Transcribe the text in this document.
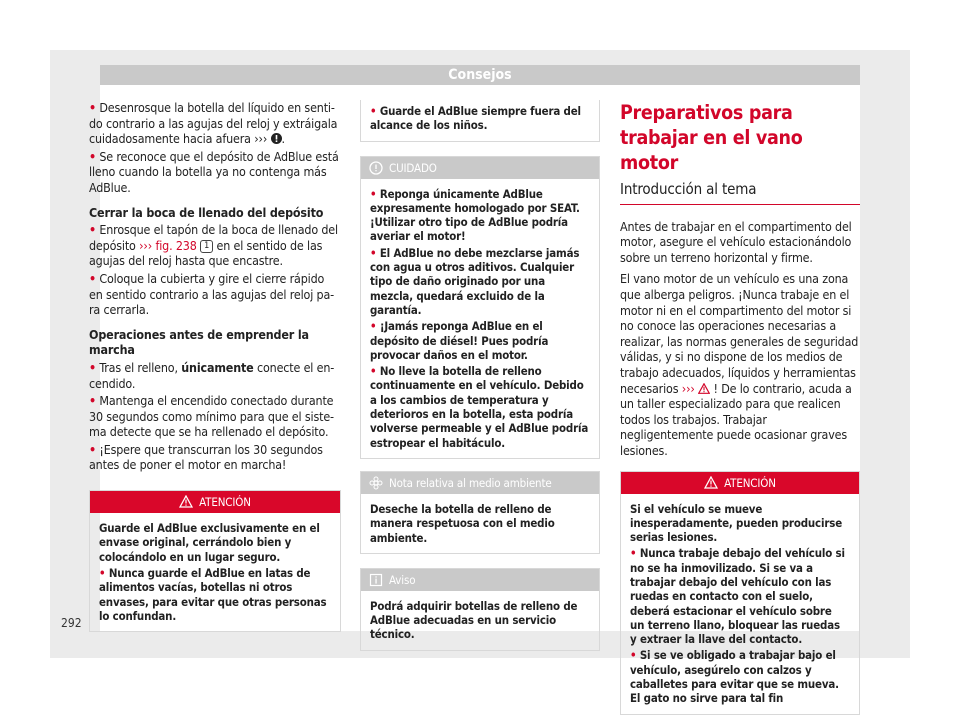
Consejos
292

• Desenrosque la botella del líquido en sentido contrario a las agujas del reloj y extráigala cuidadosamente hacia afuera ››› .

• Se reconoce que el depósito de AdBlue está lleno cuando la botella ya no contenga más AdBlue.

Cerrar la boca de llenado del depósito

• Enrosque el tapón de la boca de llenado del depósito ››› fig. 238 1 en el sentido de las agujas del reloj hasta que encastre.

• Coloque la cubierta y gire el cierre rápido en sentido contrario a las agujas del reloj para cerrarla.

Operaciones antes de emprender la marcha

• Tras el relleno, únicamente conecte el encendido.

• Mantenga el encendido conectado durante 30 segundos como mínimo para que el sistema detecte que se ha rellenado el depósito.

• ¡Espere que transcurran los 30 segundos antes de poner el motor en marcha!

ATENCIÓN

Guarde el AdBlue exclusivamente en el envase original, cerrándolo bien y colocándolo en un lugar seguro.

• Nunca guarde el AdBlue en latas de alimentos vacías, botellas ni otros envases, para evitar que otras personas lo confundan.

• Guarde el AdBlue siempre fuera del alcance de los niños.

CUIDADO

• Reponga únicamente AdBlue expresamente homologado por SEAT. ¡Utilizar otro tipo de AdBlue podría averiar el motor!

• El AdBlue no debe mezclarse jamás con agua u otros aditivos. Cualquier tipo de daño originado por una mezcla, quedará excluido de la garantía.

• ¡Jamás reponga AdBlue en el depósito de diésel! Pues podría provocar daños en el motor.

• No lleve la botella de relleno continuamente en el vehículo. Debido a los cambios de temperatura y deterioros en la botella, esta podría volverse permeable y el AdBlue podría estropear el habitáculo.

Nota relativa al medio ambiente
Deseche la botella de relleno de manera respetuosa con el medio ambiente.
Aviso
Podrá adquirir botellas de relleno de AdBlue adecuadas en un servicio técnico.
Preparativos para trabajar en el vano motor
Introducción al tema

Antes de trabajar en el compartimento del motor, asegure el vehículo estacionándolo sobre un terreno horizontal y firme.

El vano motor de un vehículo es una zona que alberga peligros. ¡Nunca trabaje en el motor ni en el compartimento del motor si no conoce las operaciones necesarias a realizar, las normas generales de seguridad válidas, y si no dispone de los medios de trabajo adecuados, líquidos y herramientas necesarios ››› ! De lo contrario, acuda a un taller especializado para que realicen todos los trabajos. Trabajar negligentemente puede ocasionar graves lesiones.

ATENCIÓN

Si el vehículo se mueve inesperadamente, pueden producirse serias lesiones.

• Nunca trabaje debajo del vehículo si no se ha inmovilizado. Si se va a trabajar debajo del vehículo con las ruedas en contacto con el suelo, deberá estacionar el vehículo sobre un terreno llano, bloquear las ruedas y extraer la llave del contacto.

• Si se ve obligado a trabajar bajo el vehículo, asegúrelo con calzos y caballetes para evitar que se mueva. El gato no sirve para tal fin
